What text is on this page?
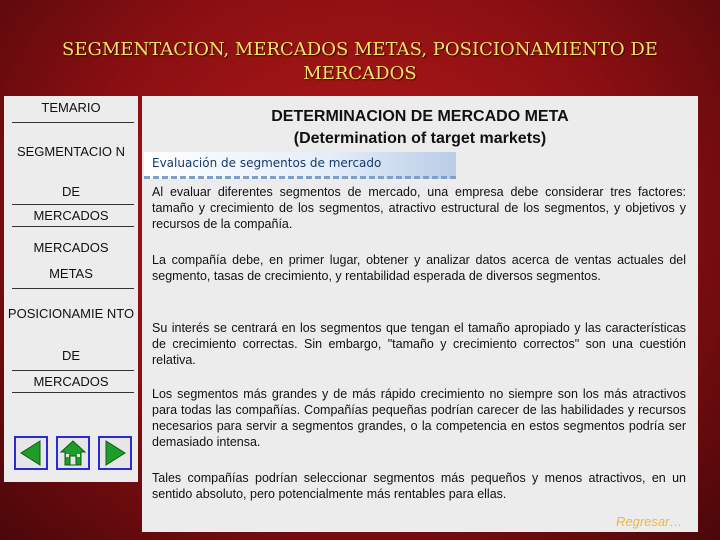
SEGMENTACION, MERCADOS METAS, POSICIONAMIENTO DE MERCADOS
TEMARIO
SEGMENTACIO N
DE
MERCADOS
MERCADOS
METAS
POSICIONAMIE NTO
DE
MERCADOS
DETERMINACION DE MERCADO META
(Determination of target markets)
Evaluación de segmentos de mercado

Al evaluar diferentes segmentos de mercado, una empresa debe considerar tres factores: tamaño y crecimiento de los segmentos, atractivo estructural de los segmentos, y objetivos y recursos de la compañía.

La compañía debe, en primer lugar, obtener y analizar datos acerca de ventas actuales del segmento, tasas de crecimiento, y rentabilidad esperada de diversos segmentos.

Su interés se centrará en los segmentos que tengan el tamaño apropiado y las características de crecimiento correctas. Sin embargo, "tamaño y crecimiento correctos" son una cuestión relativa.

Los segmentos más grandes y de más rápido crecimiento no siempre son los más atractivos para todas las compañías. Compañías pequeñas podrían carecer de las habilidades y recursos necesarios para servir a segmentos grandes, o la competencia en estos segmentos podría ser demasiado intensa.

Tales compañías podrían seleccionar segmentos más pequeños y menos atractivos, en un sentido absoluto, pero potencialmente más rentables para ellas.

Regresar…
